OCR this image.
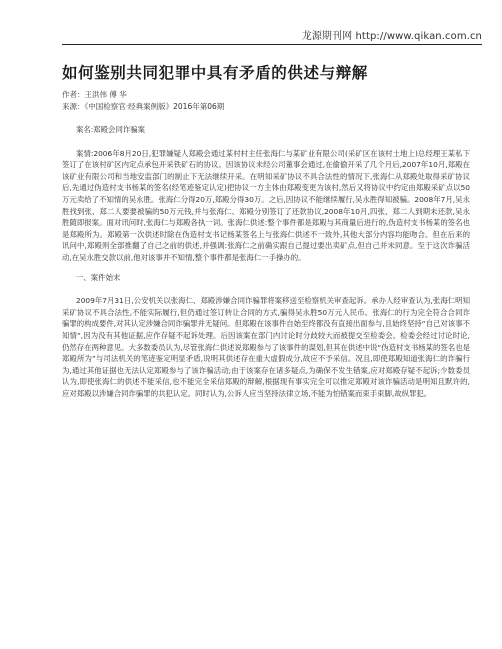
龙源期刊网 http://www.qikan.com.cn
如何鉴别共同犯罪中具有矛盾的供述与辩解
作者：王洪伟 傅 华
来源：《中国检察官·经典案例版》2016年第06期

案名:郑殿会同诈骗案

案情:2006年8月20日,犯罪嫌疑人郑殿会通过某村村主任张海仁与某矿业有限公司(采矿区在该村土地上)总经理王某私下签订了在该村矿区内定点承包开采铁矿石的协议。因该协议未经公司董事会通过,在偷偷开采了几个月后,2007年10月,郑殿在该矿业有限公司和当地安监部门的制止下无法继续开采。在明知采矿协议不具合法性的情况下,张海仁从郑殿处取得采矿协议后,先通过伪造村支书杨某的签名(经笔迹鉴定认定)把协议一方主体由郑殿变更为该村,然后又将协议中约定由郑殿采矿点以50万元卖给了不知情的吴永胜。张海仁分得20万,郑殿分得30万。之后,因协议不能继续履行,吴永胜得知被骗。2008年7月,吴永胜找到张、郑二人要要被骗的50万元钱,并与张海仁、郑殿分别签订了还款协议,2008年10月,四张、郑二人到期未还款,吴永胜随即报案。面对讯问时,张海仁与郑殿各执一词。张海仁供述:整个事件都是郑殿与其商量后进行的,伪造村支书杨某的签名也是郑殿所为。郑殿第一次供述时除在伪造村支书记杨某签名上与张海仁供述不一致外,其他大部分内容均能吻合。但在后来的讯问中,郑殿则全部推翻了自己之前的供述,并强调:张海仁之前确实跟自己提过要出卖矿点,但自己并未同意。至于这次诈骗活动,在吴永胜交款以前,他对该事并不知情,整个事件都是张海仁一手操办的。

一、案件始末

2009年7月31日,公安机关以张海仁、郑殿涉嫌合同诈骗罪将案移送至检察机关审查起诉。承办人经审查认为,张海仁明知采矿协议不具合法性,不能实际履行,但仍通过签订转让合同的方式,骗得吴永胜50万元人民币。张海仁的行为完全符合合同诈骗罪的构成要件,对其认定涉嫌合同诈骗罪并无疑问。但郑殿在该事件自始至终都没有直接出面参与,且始终坚持“自己对该事不知情”,因为没有其他证据,应作存疑不起诉处理。后因该案在部门内讨论时分歧较大而被提交至检委会。检委会经过讨论时论,仍然存在两种意见。大多数委员认为,尽管张海仁供述说郑殿参与了该事件的谋划,但其在供述中说“伪造村支书杨某的签名也是郑殿所为”与司法机关的笔迹鉴定明显矛盾,说明其供述存在重大虚假成分,故应不予采信。况且,即使郑殿知道张海仁的诈骗行为,通过其他证据也无法认定郑殿参与了该诈骗活动;由于该案存在诸多疑点,为确保不发生错案,应对郑殿存疑不起诉;少数委员认为,即使张海仁的供述不能采信,也不能完全采信郑殿的辩解,根据现有事实完全可以推定郑殿对该诈骗活动是明知且默许的,应对郑殿以涉嫌合同诈骗罪的共犯认定。同时认为,公诉人应当坚持法律立场,不能为怕错案而束手束脚,故纵罪犯。
